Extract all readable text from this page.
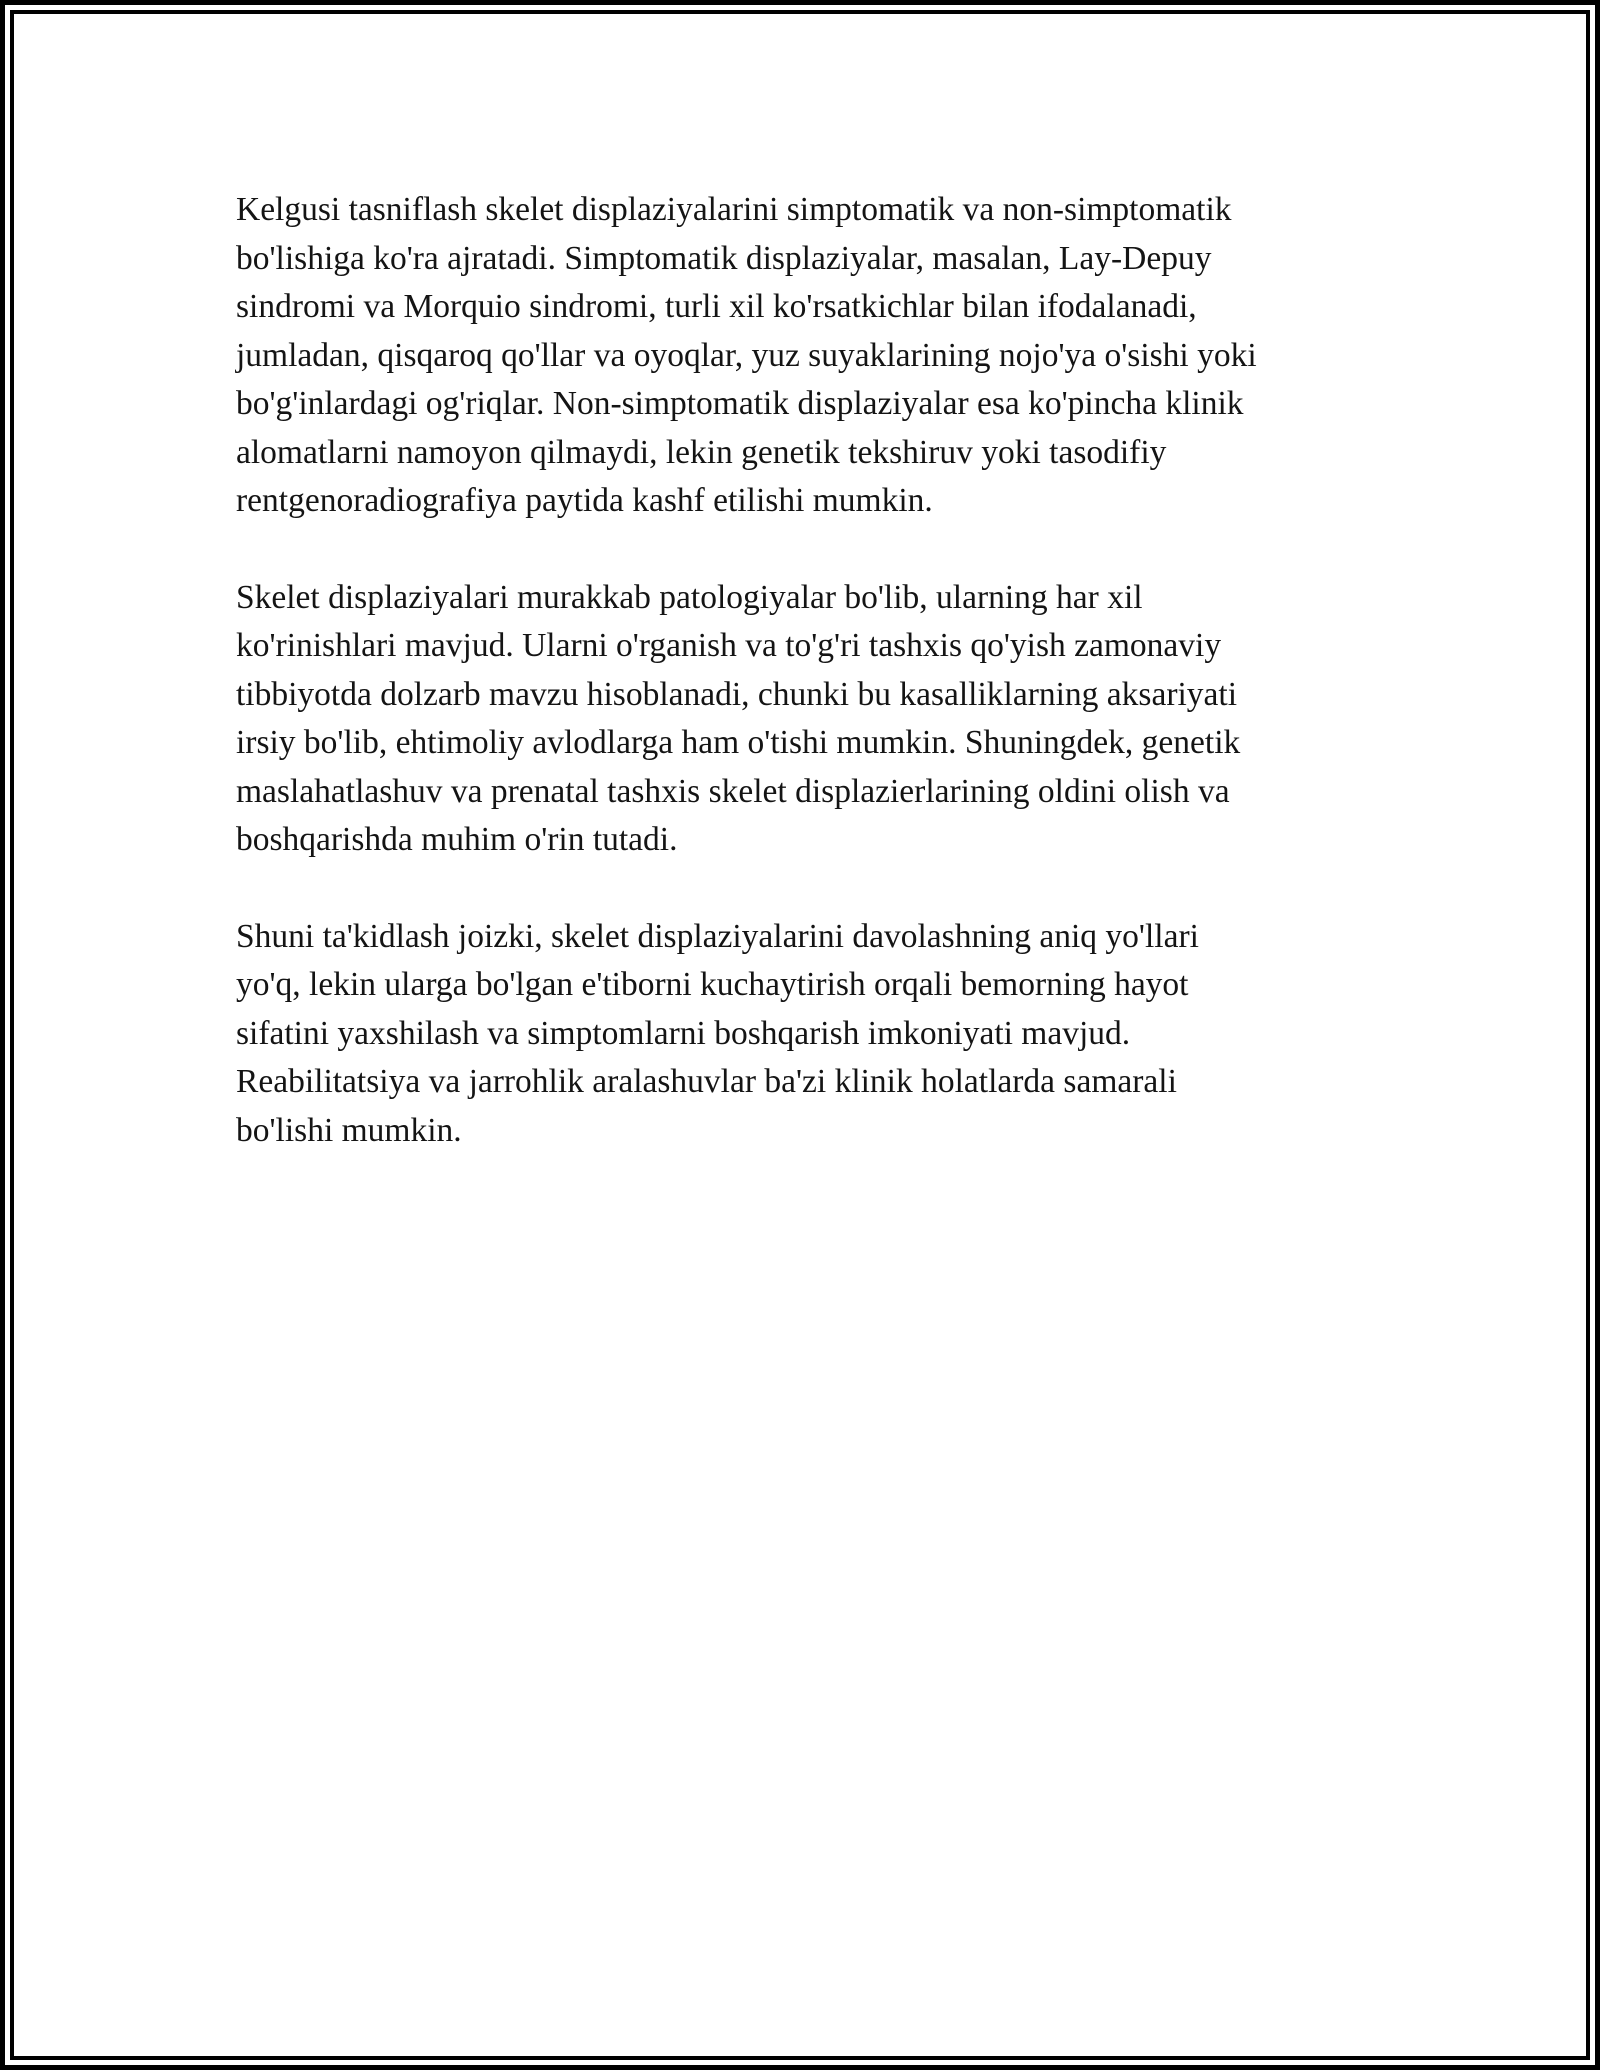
Kelgusi tasniflash skelet displaziyalarini simptomatik va non-simptomatik
bo'lishiga ko'ra ajratadi. Simptomatik displaziyalar, masalan, Lay-Depuy
sindromi va Morquio sindromi, turli xil ko'rsatkichlar bilan ifodalanadi,
jumladan, qisqaroq qo'llar va oyoqlar, yuz suyaklarining nojo'ya o'sishi yoki
bo'g'inlardagi og'riqlar. Non-simptomatik displaziyalar esa ko'pincha klinik
alomatlarni namoyon qilmaydi, lekin genetik tekshiruv yoki tasodifiy
rentgenoradiografiya paytida kashf etilishi mumkin.

Skelet displaziyalari murakkab patologiyalar bo'lib, ularning har xil
ko'rinishlari mavjud. Ularni o'rganish va to'g'ri tashxis qo'yish zamonaviy
tibbiyotda dolzarb mavzu hisoblanadi, chunki bu kasalliklarning aksariyati
irsiy bo'lib, ehtimoliy avlodlarga ham o'tishi mumkin. Shuningdek, genetik
maslahatlashuv va prenatal tashxis skelet displazierlarining oldini olish va
boshqarishda muhim o'rin tutadi.

Shuni ta'kidlash joizki, skelet displaziyalarini davolashning aniq yo'llari
yo'q, lekin ularga bo'lgan e'tiborni kuchaytirish orqali bemorning hayot
sifatini yaxshilash va simptomlarni boshqarish imkoniyati mavjud.
Reabilitatsiya va jarrohlik aralashuvlar ba'zi klinik holatlarda samarali
bo'lishi mumkin.
